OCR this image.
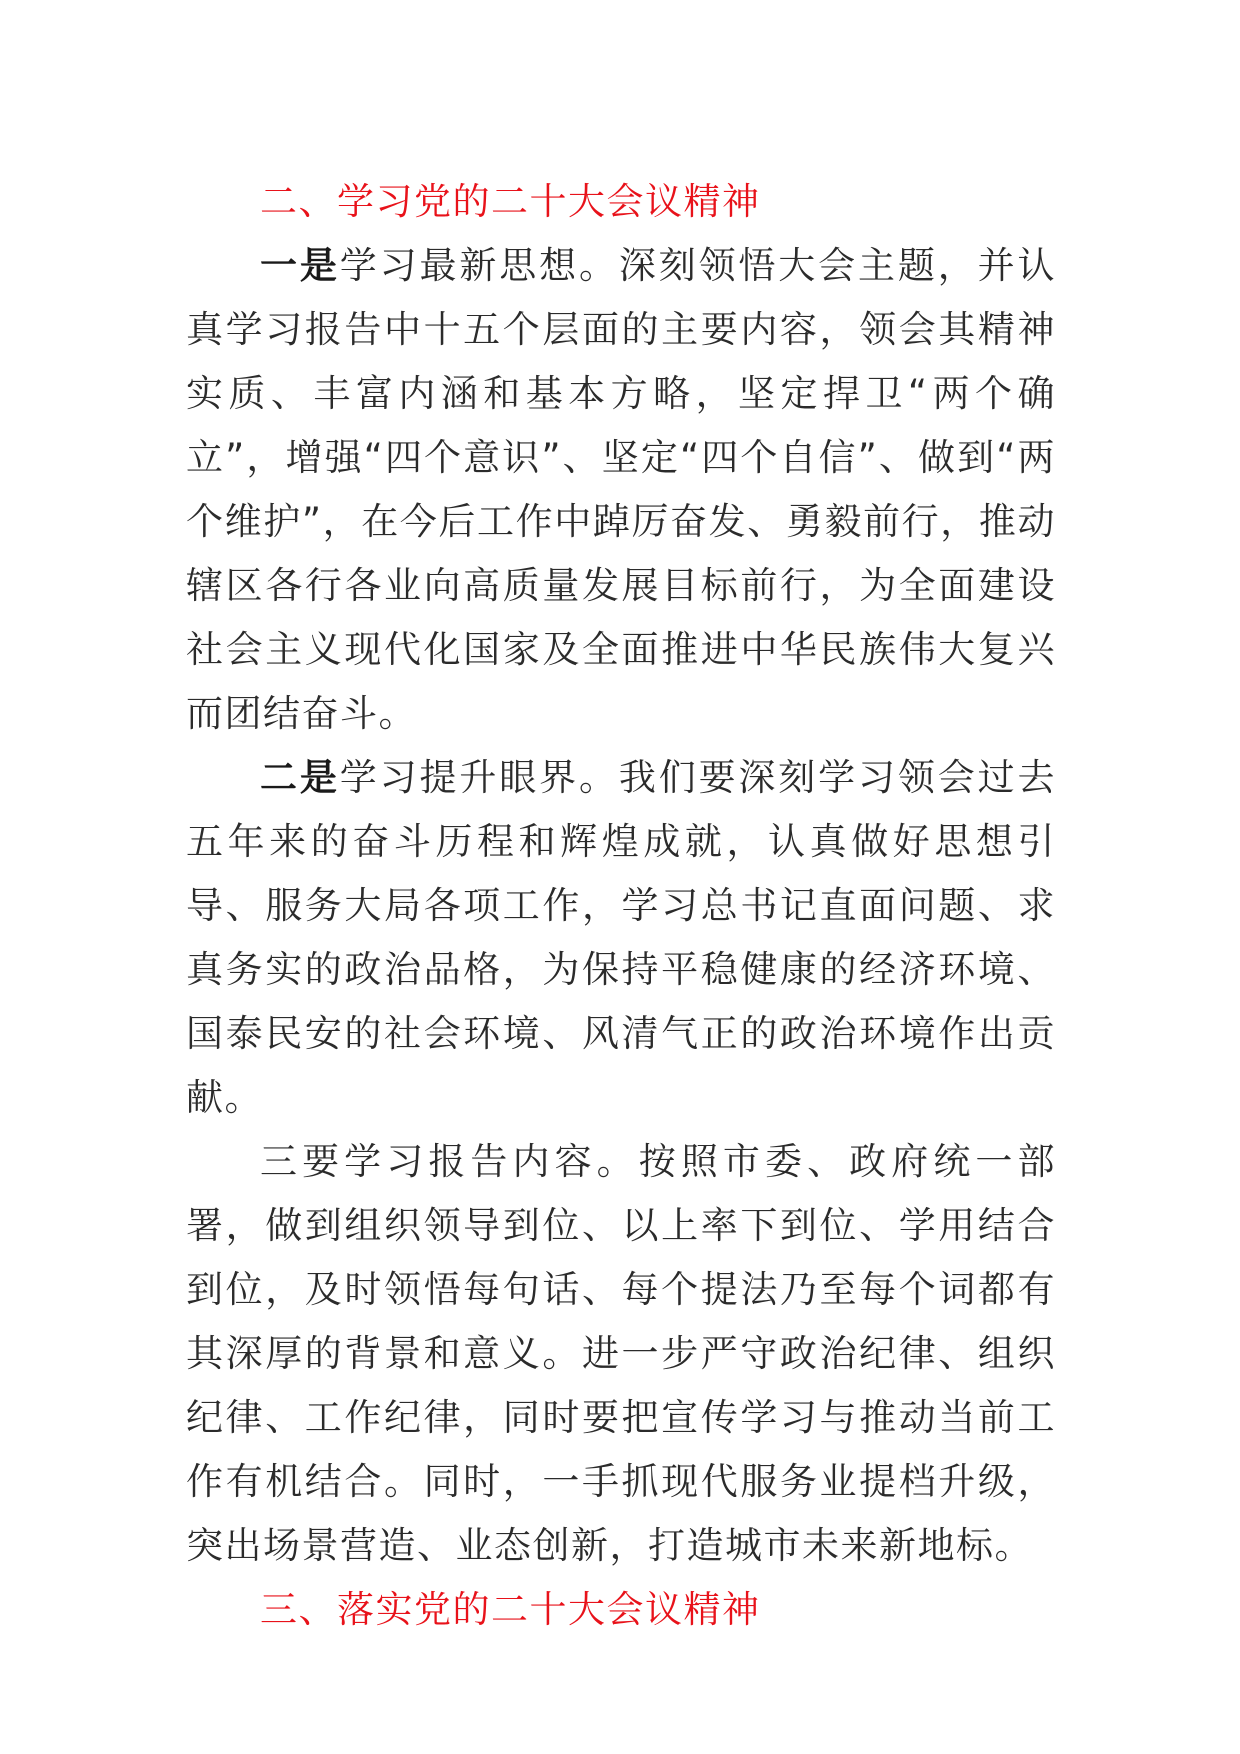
二、学习党的二十大会议精神

一是学习最新思想。深刻领悟大会主题，并认真学习报告中十五个层面的主要内容，领会其精神实质、丰富内涵和基本方略，坚定捍卫“两个确立”，增强“四个意识”、坚定“四个自信”、做到“两个维护”，在今后工作中踔厉奋发、勇毅前行，推动辖区各行各业向高质量发展目标前行，为全面建设社会主义现代化国家及全面推进中华民族伟大复兴而团结奋斗。

二是学习提升眼界。我们要深刻学习领会过去五年来的奋斗历程和辉煌成就，认真做好思想引导、服务大局各项工作，学习总书记直面问题、求真务实的政治品格，为保持平稳健康的经济环境、国泰民安的社会环境、风清气正的政治环境作出贡献。

三要学习报告内容。按照市委、政府统一部署，做到组织领导到位、以上率下到位、学用结合到位，及时领悟每句话、每个提法乃至每个词都有其深厚的背景和意义。进一步严守政治纪律、组织纪律、工作纪律，同时要把宣传学习与推动当前工作有机结合。同时，一手抓现代服务业提档升级，突出场景营造、业态创新，打造城市未来新地标。

三、落实党的二十大会议精神
